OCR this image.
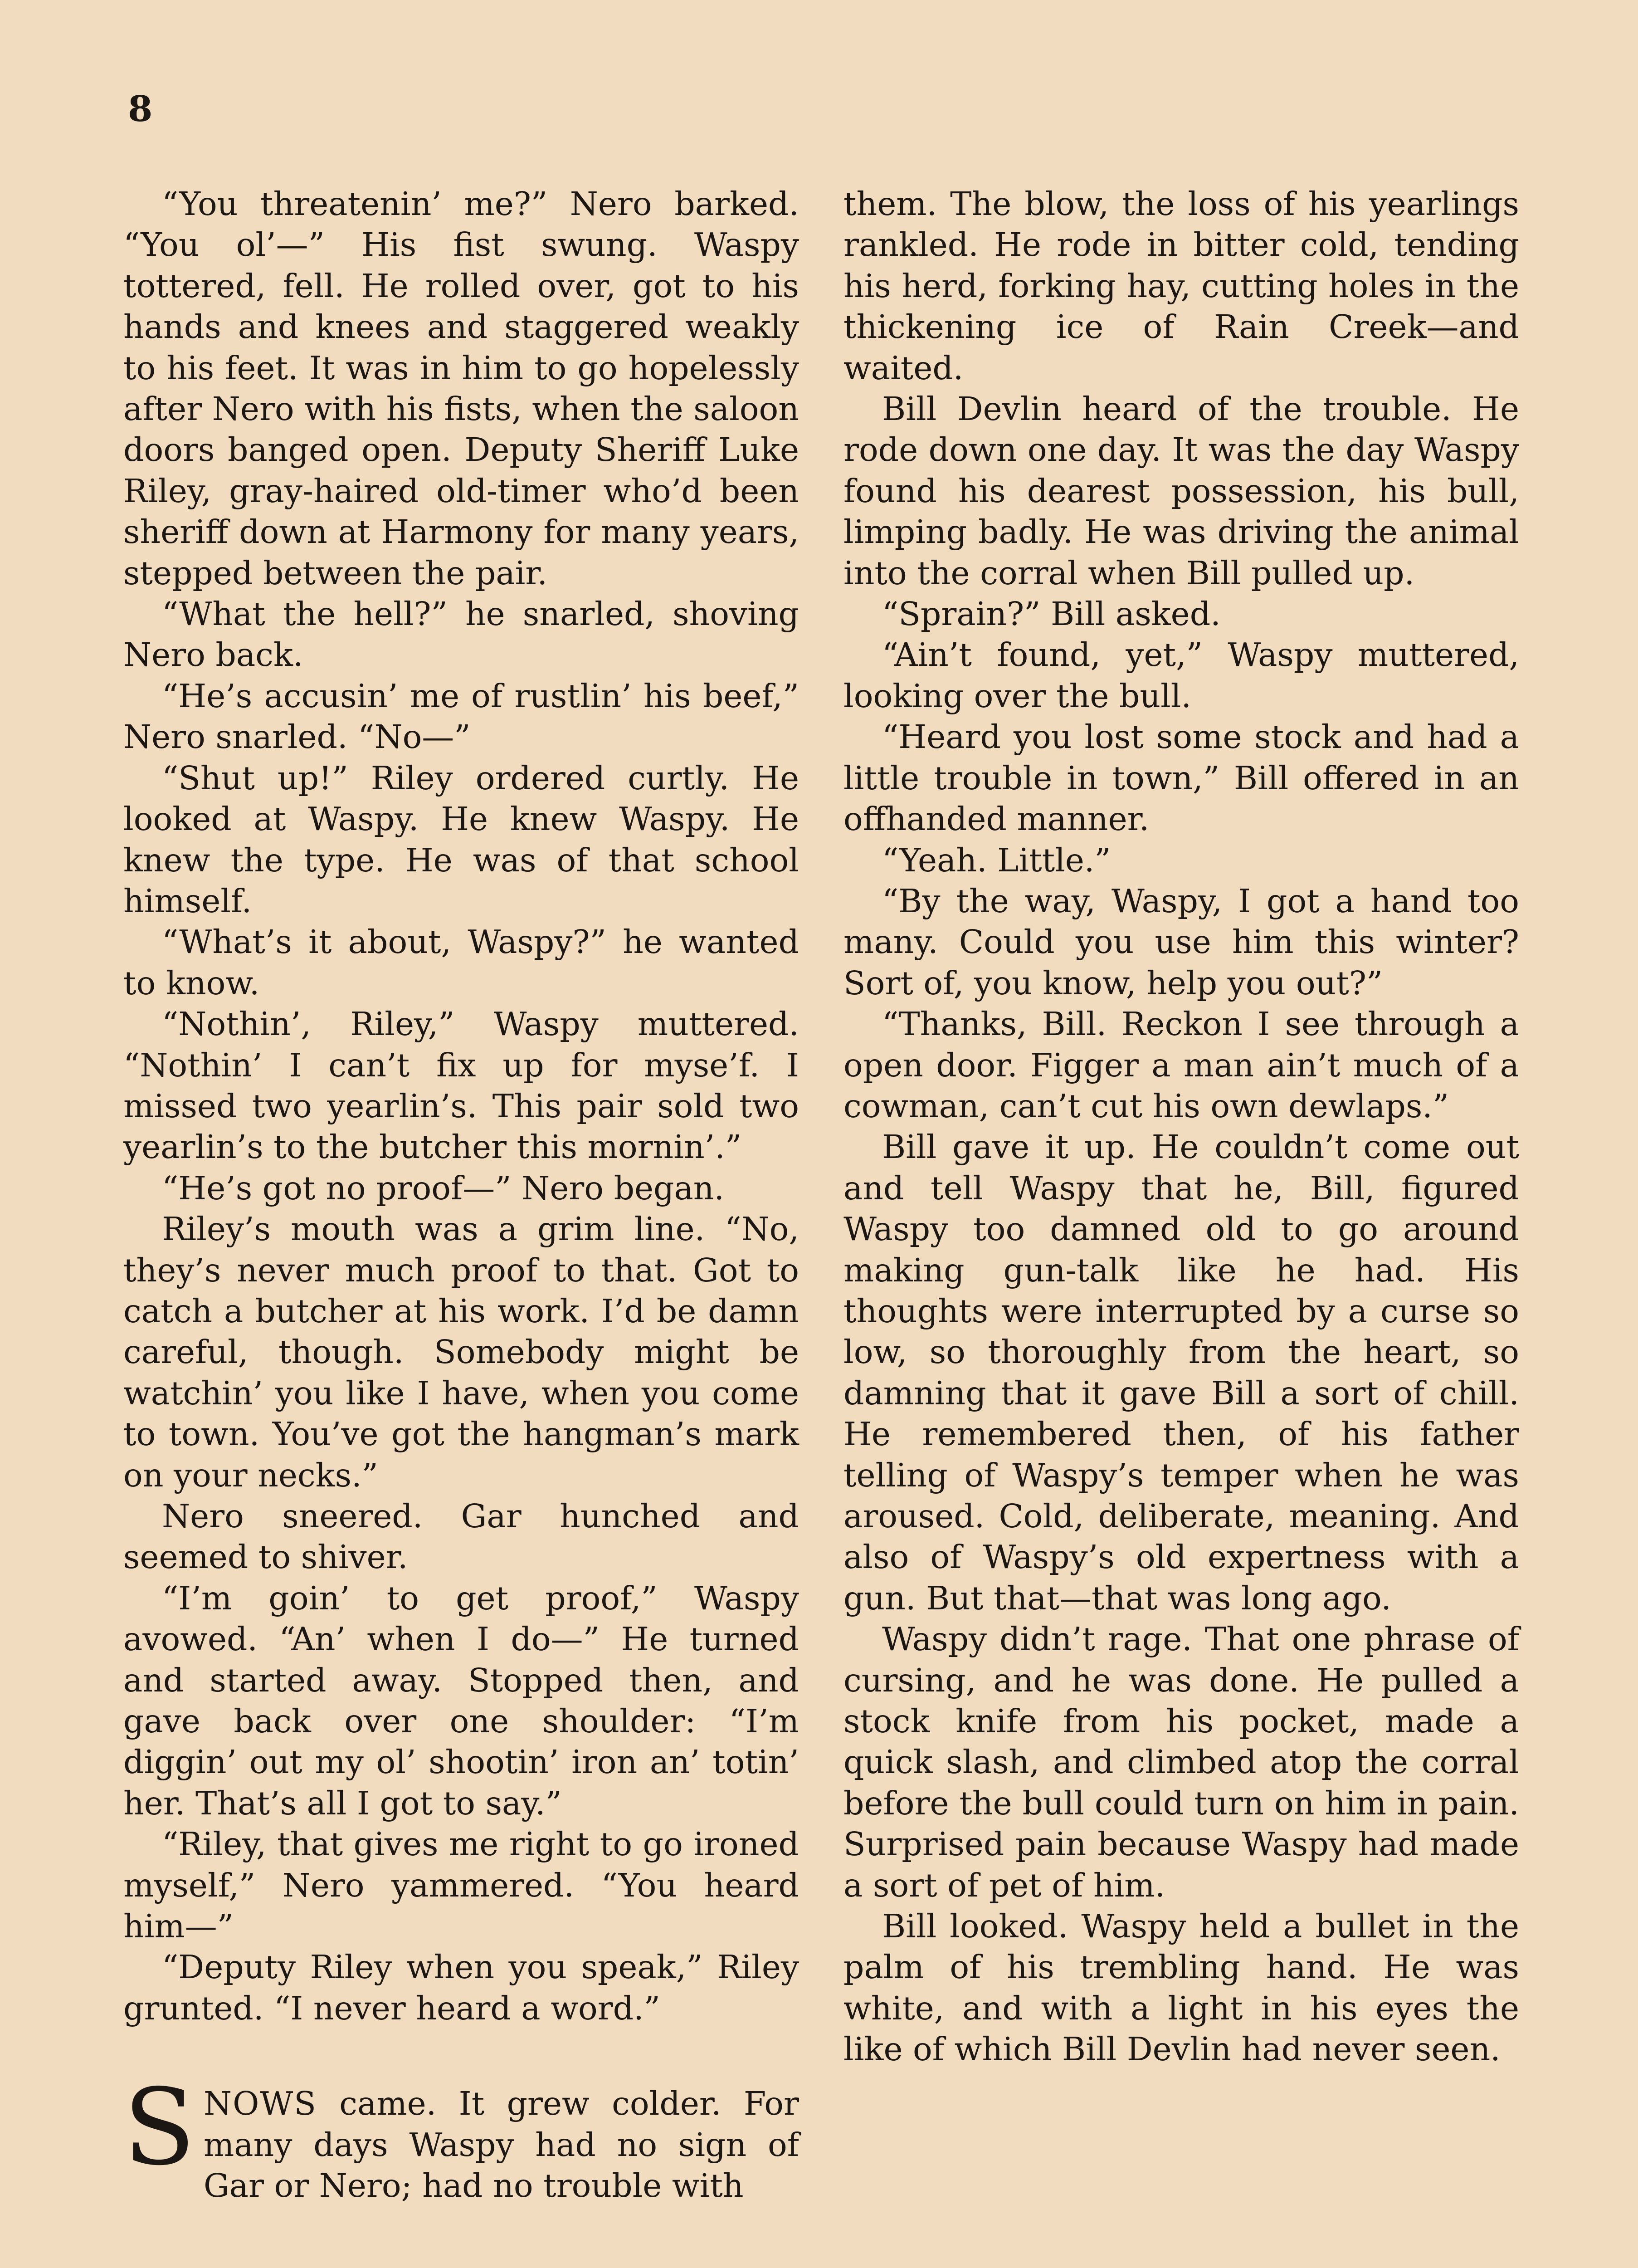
8

“You threatenin’ me?” Nero barked. “You ol’—” His fist swung. Waspy tottered, fell. He rolled over, got to his hands and knees and staggered weakly to his feet. It was in him to go hopelessly after Nero with his fists, when the saloon doors banged open. Deputy Sheriff Luke Riley, gray-haired old-timer who’d been sheriff down at Harmony for many years, stepped between the pair.

“What the hell?” he snarled, shoving Nero back.

“He’s accusin’ me of rustlin’ his beef,” Nero snarled. “No—”

“Shut up!” Riley ordered curtly. He looked at Waspy. He knew Waspy. He knew the type. He was of that school himself.

“What’s it about, Waspy?” he wanted to know.

“Nothin’, Riley,” Waspy muttered. “Nothin’ I can’t fix up for myse’f. I missed two yearlin’s. This pair sold two yearlin’s to the butcher this mornin’.”

“He’s got no proof—” Nero began.

Riley’s mouth was a grim line. “No, they’s never much proof to that. Got to catch a butcher at his work. I’d be damn careful, though. Somebody might be watchin’ you like I have, when you come to town. You’ve got the hangman’s mark on your necks.”

Nero sneered. Gar hunched and seemed to shiver.

“I’m goin’ to get proof,” Waspy avowed. “An’ when I do—” He turned and started away. Stopped then, and gave back over one shoulder: “I’m diggin’ out my ol’ shootin’ iron an’ totin’ her. That’s all I got to say.”

“Riley, that gives me right to go ironed myself,” Nero yammered. “You heard him—”

“Deputy Riley when you speak,” Riley grunted. “I never heard a word.”

SNOWS came. It grew colder. For many days Waspy had no sign of Gar or Nero; had no trouble with

them. The blow, the loss of his yearlings rankled. He rode in bitter cold, tending his herd, forking hay, cutting holes in the thickening ice of Rain Creek—and waited.

Bill Devlin heard of the trouble. He rode down one day. It was the day Waspy found his dearest possession, his bull, limping badly. He was driving the animal into the corral when Bill pulled up.

“Sprain?” Bill asked.

“Ain’t found, yet,” Waspy muttered, looking over the bull.

“Heard you lost some stock and had a little trouble in town,” Bill offered in an offhanded manner.

“Yeah. Little.”

“By the way, Waspy, I got a hand too many. Could you use him this winter? Sort of, you know, help you out?”

“Thanks, Bill. Reckon I see through a open door. Figger a man ain’t much of a cowman, can’t cut his own dewlaps.”

Bill gave it up. He couldn’t come out and tell Waspy that he, Bill, figured Waspy too damned old to go around making gun-talk like he had. His thoughts were interrupted by a curse so low, so thoroughly from the heart, so damning that it gave Bill a sort of chill. He remembered then, of his father telling of Waspy’s temper when he was aroused. Cold, deliberate, meaning. And also of Waspy’s old expertness with a gun. But that—that was long ago.

Waspy didn’t rage. That one phrase of cursing, and he was done. He pulled a stock knife from his pocket, made a quick slash, and climbed atop the corral before the bull could turn on him in pain. Surprised pain because Waspy had made a sort of pet of him.

Bill looked. Waspy held a bullet in the palm of his trembling hand. He was white, and with a light in his eyes the like of which Bill Devlin had never seen.
